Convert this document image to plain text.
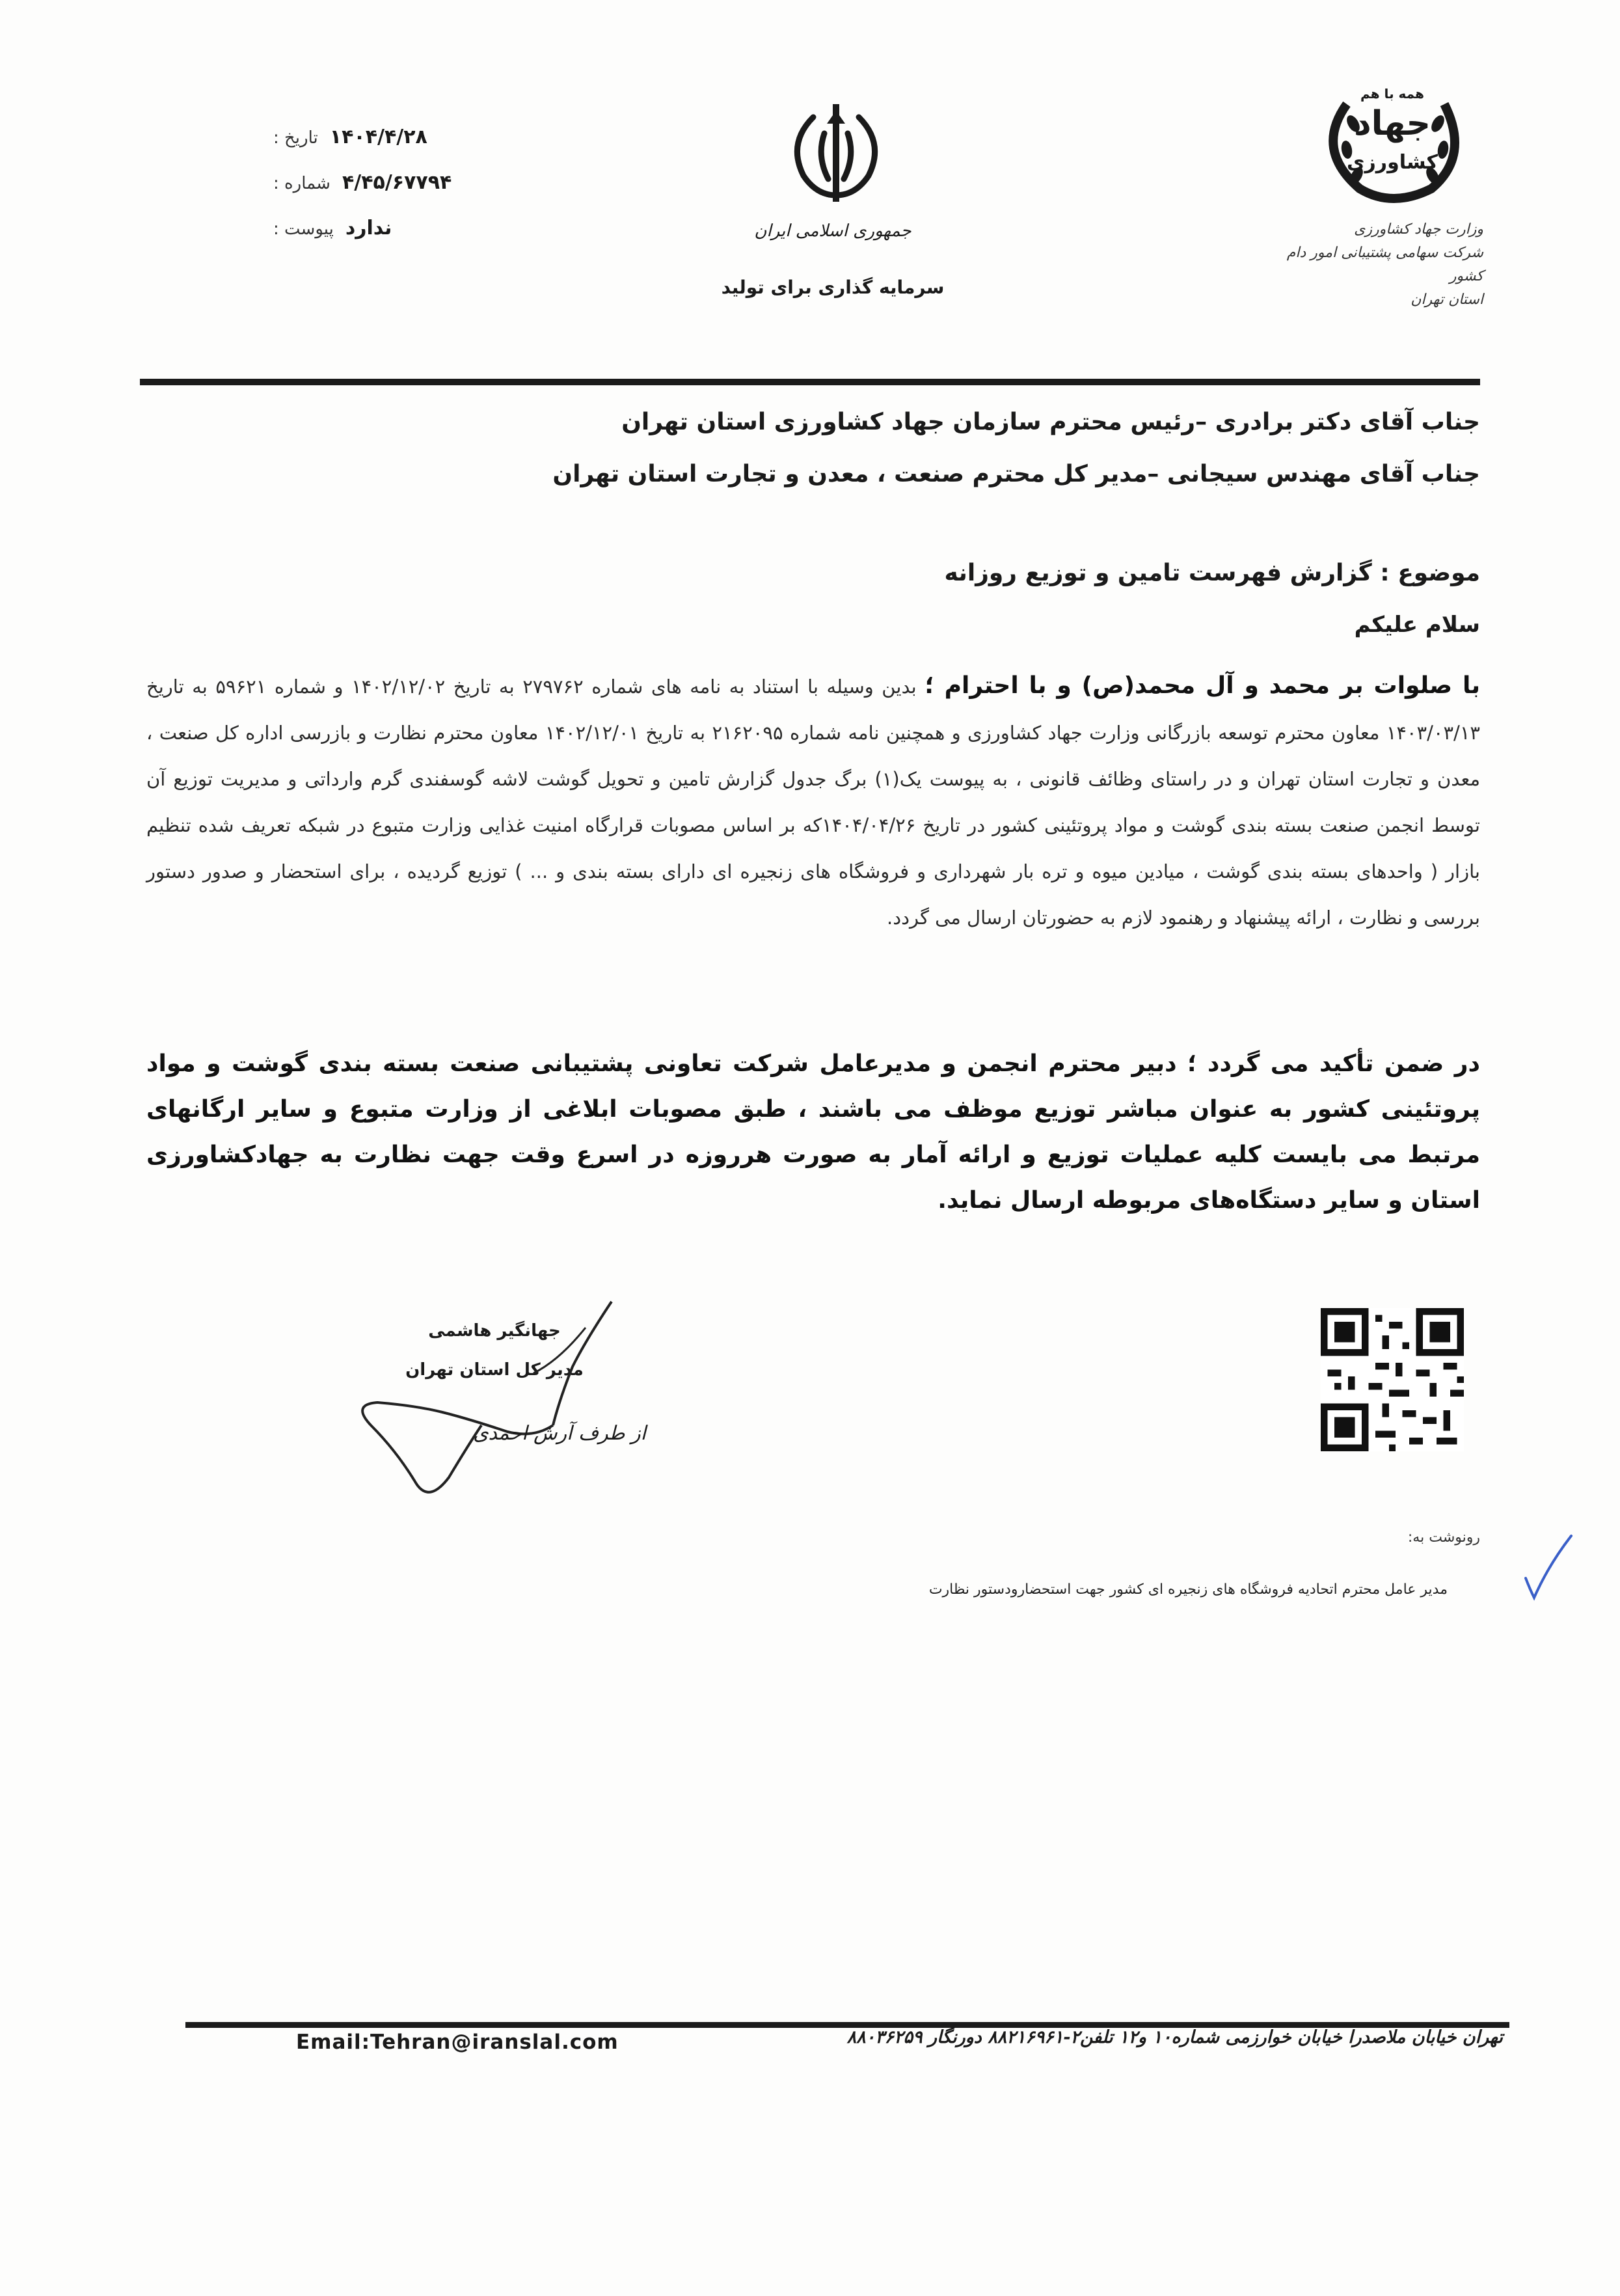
تاریخ : ۱۴۰۴/۴/۲۸
شماره : ۴/۴۵/۶۷۷۹۴
پیوست : ندارد	جمهوری اسلامی ایران
سرمایه گذاری برای تولید
همه با هم
جهاد
کشاورزی
وزارت جهاد کشاورزی
شرکت سهامی پشتیبانی امور دام کشور
استان تهران
جناب آقای دکتر برادری –رئیس محترم سازمان جهاد کشاورزی استان تهران
جناب آقای مهندس سیجانی –مدیر کل محترم صنعت ، معدن و تجارت استان تهران
موضوع : گزارش فهرست تامین و توزیع روزانه
سلام علیکم
با صلوات بر محمد و آل محمد(ص) و با احترام ؛ بدین وسیله با استناد به نامه های شماره ۲۷۹۷۶۲ به تاریخ ۱۴۰۲/۱۲/۰۲ و شماره ۵۹۶۲۱ به تاریخ ۱۴۰۳/۰۳/۱۳ معاون محترم توسعه بازرگانی وزارت جهاد کشاورزی و همچنین نامه شماره ۲۱۶۲۰۹۵ به تاریخ ۱۴۰۲/۱۲/۰۱ معاون محترم نظارت و بازرسی اداره کل صنعت ، معدن و تجارت استان تهران و در راستای وظائف قانونی ، به پیوست یک(۱) برگ جدول گزارش تامین و تحویل گوشت لاشه گوسفندی گرم وارداتی و مدیریت توزیع آن توسط انجمن صنعت بسته بندی گوشت و مواد پروتئینی کشور در تاریخ ۱۴۰۴/۰۴/۲۶که بر اساس مصوبات قرارگاه امنیت غذایی وزارت متبوع در شبکه تعریف شده تنظیم بازار ( واحدهای بسته بندی گوشت ، میادین میوه و تره بار شهرداری و فروشگاه های زنجیره ای دارای بسته بندی و ... ) توزیع گردیده ، برای استحضار و صدور دستور بررسی و نظارت ، ارائه پیشنهاد و رهنمود لازم به حضورتان ارسال می گردد.
در ضمن تأکید می گردد ؛ دبیر محترم انجمن و مدیرعامل شرکت تعاونی پشتیبانی صنعت بسته بندی گوشت و مواد پروتئینی کشور به عنوان مباشر توزیع موظف می باشند ، طبق مصوبات ابلاغی از وزارت متبوع و سایر ارگانهای مرتبط می بایست کلیه عملیات توزیع و ارائه آمار به صورت هرروزه در اسرع وقت جهت نظارت به جهادکشاورزی استان و سایر دستگاه‌های مربوطه ارسال نماید.
جهانگیر هاشمی
مدیر کل استان تهران
از طرف آرش احمدی
رونوشت به:
مدیر عامل محترم اتحادیه فروشگاه های زنجیره ای کشور جهت استحضارودستور نظارت
تهران خیابان ملاصدرا خیابان خوارزمی شماره۱۰ و۱۲ تلفن۲-۸۸۲۱۶۹۶۱ دورنگار ۸۸۰۳۶۲۵۹
Email:Tehran@iranslal.com
